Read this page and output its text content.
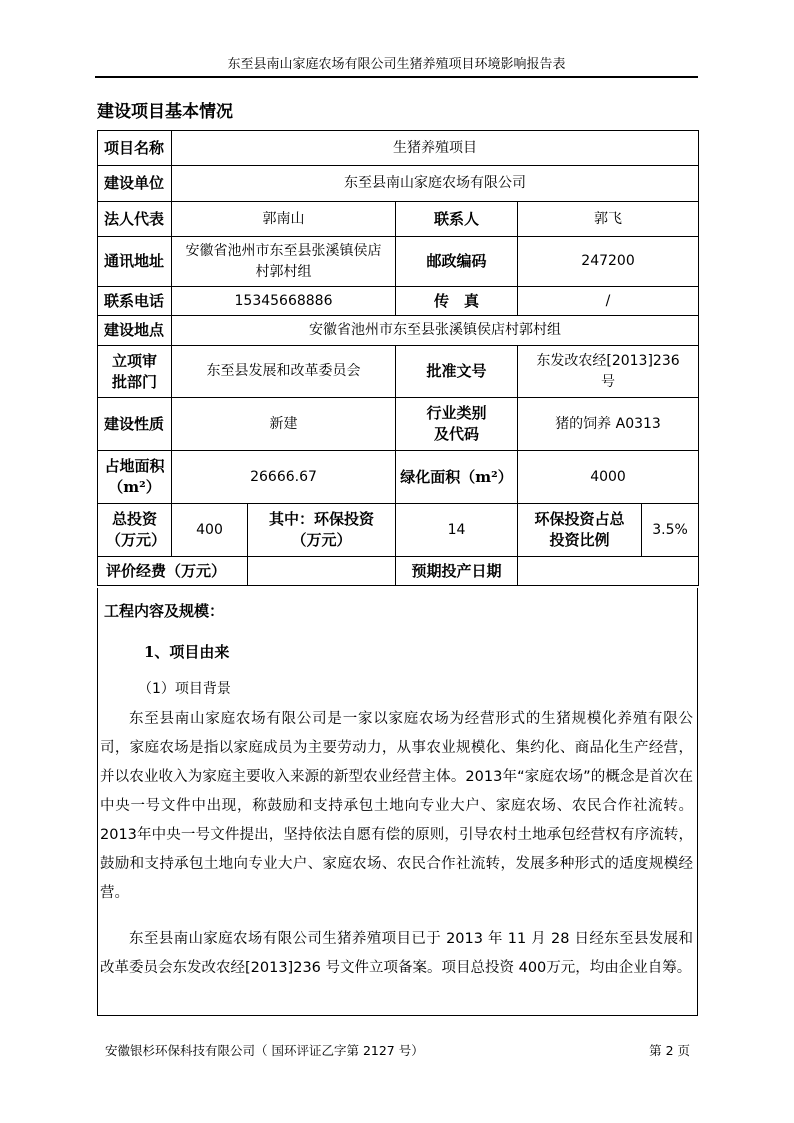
东至县南山家庭农场有限公司生猪养殖项目环境影响报告表
建设项目基本情况
项目名称	生猪养殖项目				
建设单位	东至县南山家庭农场有限公司				
法人代表	郭南山		联系人	郭飞	
通讯地址	安徽省池州市东至县张溪镇侯店村郭村组		邮政编码	247200	
联系电话	15345668886		传　真	/	
建设地点	安徽省池州市东至县张溪镇侯店村郭村组				
立项审批部门	东至县发展和改革委员会		批准文号	东发改农经[2013]236号	
建设性质	新建		行业类别及代码	猪的饲养 A0313	
占地面积（m²）	26666.67		绿化面积（m²）	4000	
总投资（万元）	400	其中：环保投资（万元）	14	环保投资占总投资比例	3.5%
评价经费（万元）			预期投产日期		
工程内容及规模：
1、项目由来
（1）项目背景
东至县南山家庭农场有限公司是一家以家庭农场为经营形式的生猪规模化养殖有限公司，家庭农场是指以家庭成员为主要劳动力，从事农业规模化、集约化、商品化生产经营，并以农业收入为家庭主要收入来源的新型农业经营主体。2013年“家庭农场”的概念是首次在中央一号文件中出现，称鼓励和支持承包土地向专业大户、家庭农场、农民合作社流转。2013年中央一号文件提出，坚持依法自愿有偿的原则，引导农村土地承包经营权有序流转，鼓励和支持承包土地向专业大户、家庭农场、农民合作社流转，发展多种形式的适度规模经营。
东至县南山家庭农场有限公司生猪养殖项目已于 2013 年 11 月 28 日经东至县发展和改革委员会东发改农经[2013]236 号文件立项备案。项目总投资 400万元，均由企业自筹。
安徽银杉环保科技有限公司（ 国环评证乙字第 2127 号）	第 2 页
